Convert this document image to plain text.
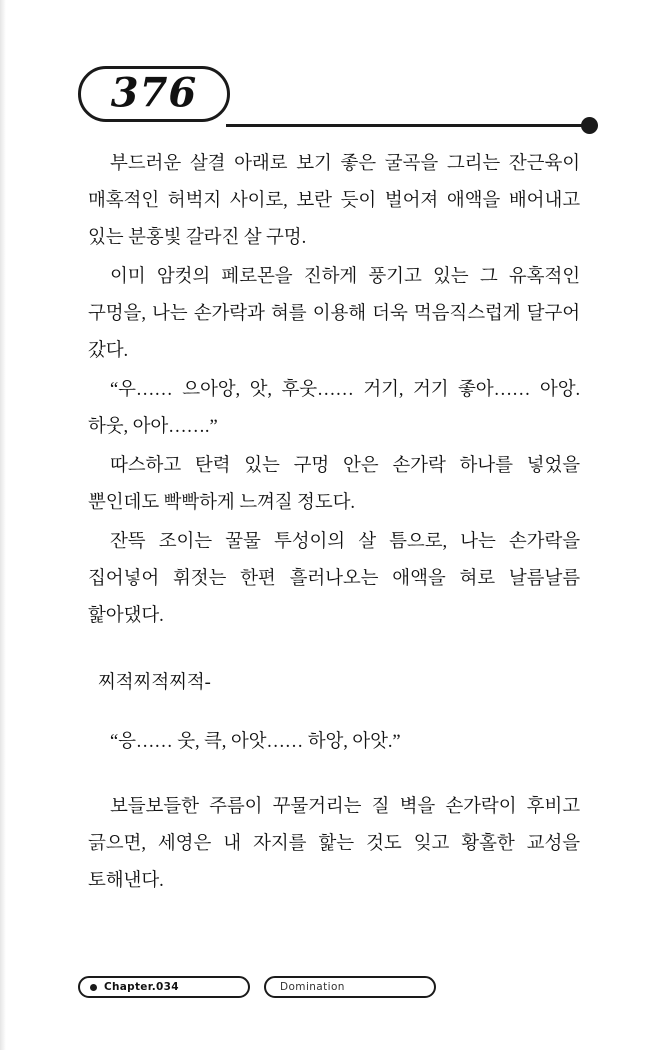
376

부드러운 살결 아래로 보기 좋은 굴곡을 그리는 잔근육이 매혹적인 허벅지 사이로, 보란 듯이 벌어져 애액을 배어내고 있는 분홍빛 갈라진 살 구멍.

이미 암컷의 페로몬을 진하게 풍기고 있는 그 유혹적인 구멍을, 나는 손가락과 혀를 이용해 더욱 먹음직스럽게 달구어 갔다.

“우…… 으아앙, 앗, 후웃…… 거기, 거기 좋아…… 아앙. 하웃, 아아…….”

따스하고 탄력 있는 구멍 안은 손가락 하나를 넣었을 뿐인데도 빡빡하게 느껴질 정도다.

잔뜩 조이는 꿀물 투성이의 살 틈으로, 나는 손가락을 집어넣어 휘젓는 한편 흘러나오는 애액을 혀로 날름날름 핥아댔다.

찌적찌적찌적-

“응…… 웃, 큭, 아앗…… 하앙, 아앗.”

보들보들한 주름이 꾸물거리는 질 벽을 손가락이 후비고 긁으면, 세영은 내 자지를 핥는 것도 잊고 황홀한 교성을 토해낸다.

Chapter.034	Domination
